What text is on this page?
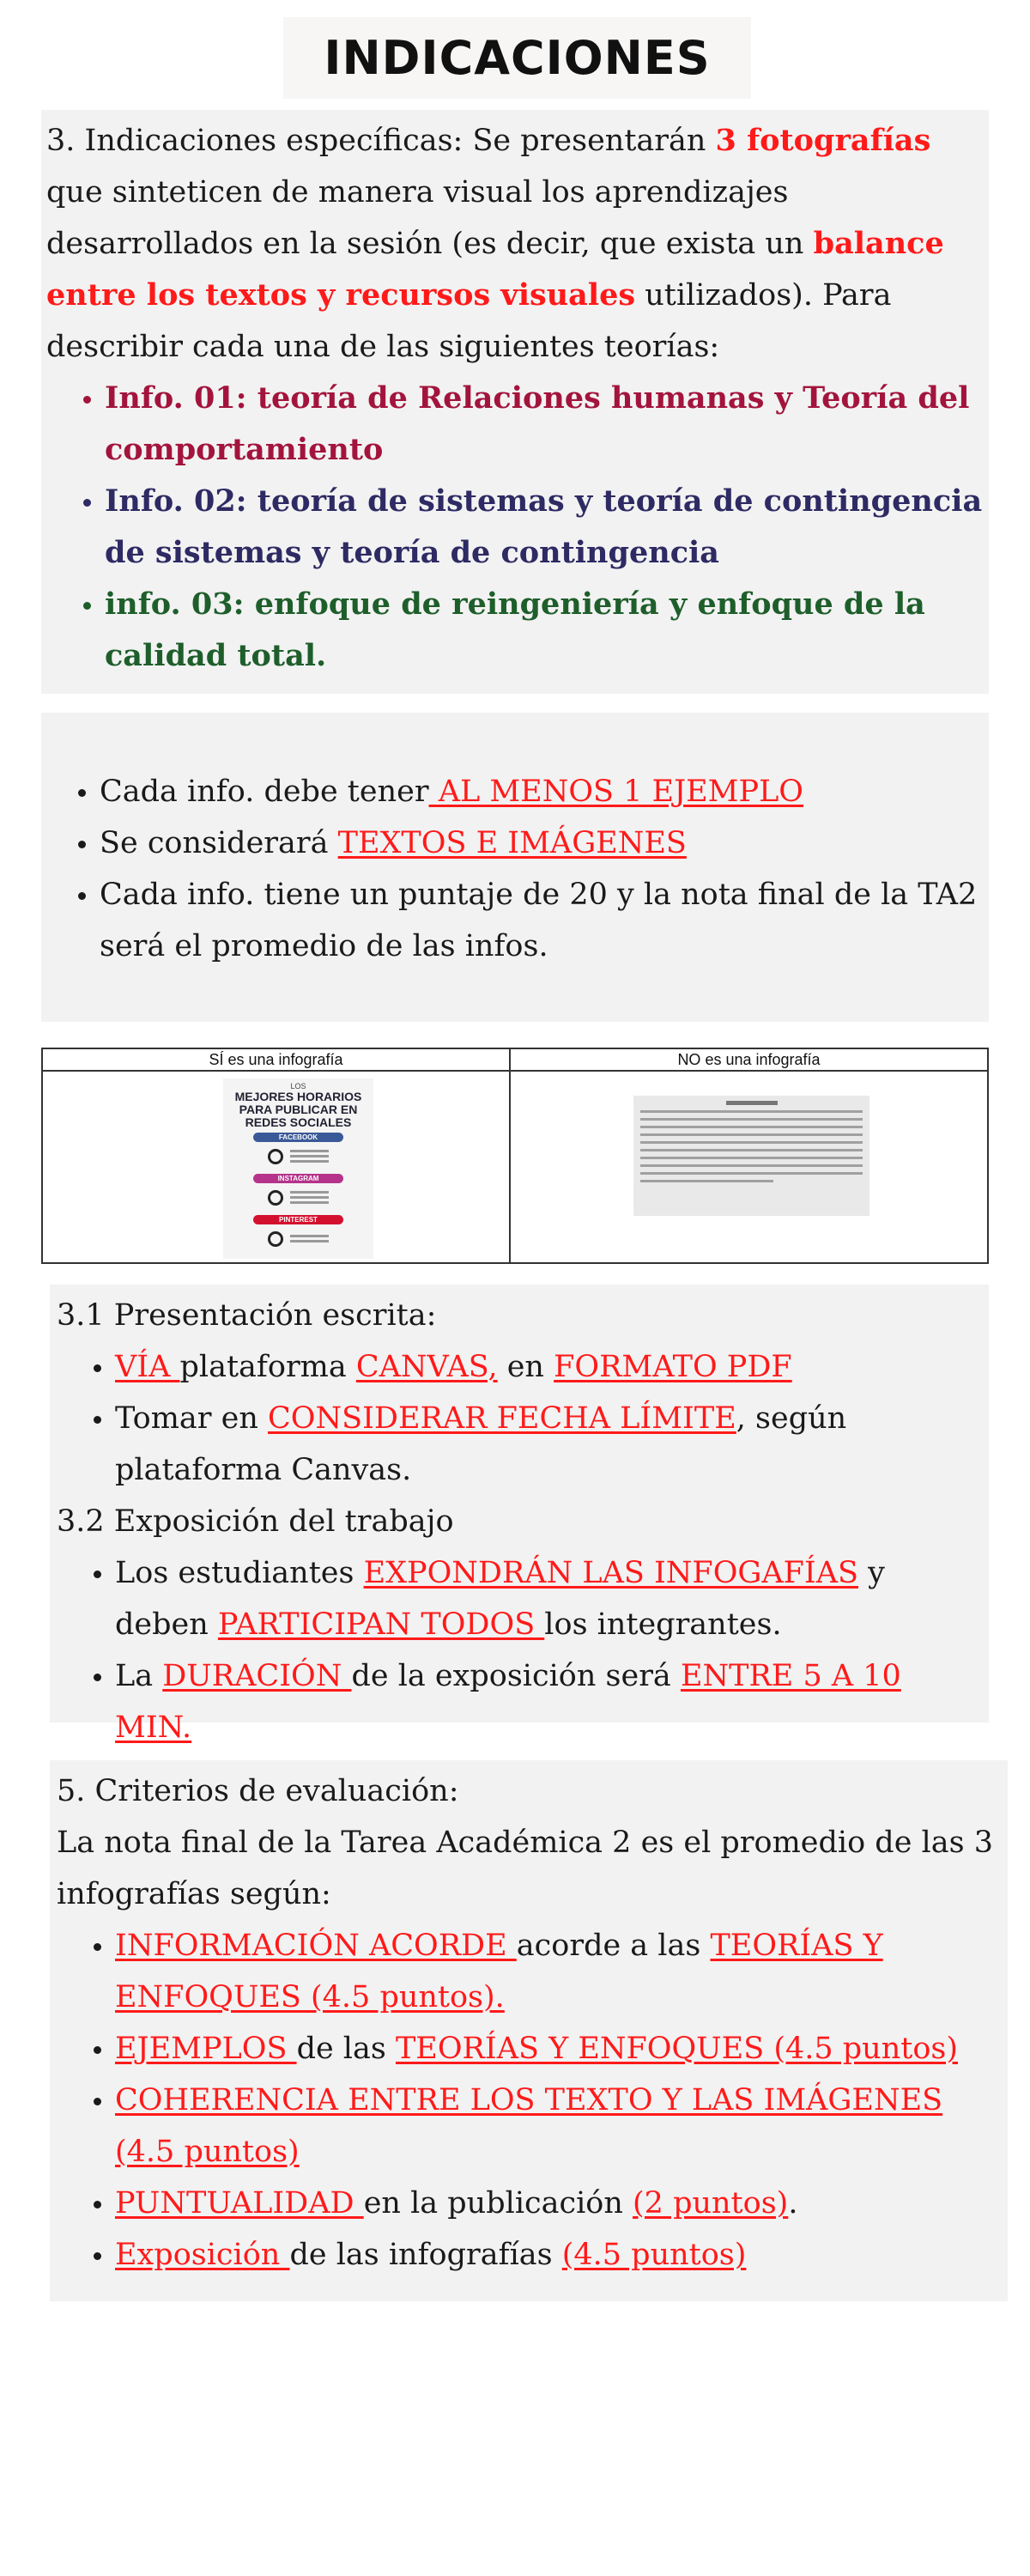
INDICACIONES

3. Indicaciones específicas: Se presentarán 3 fotografías que sinteticen de manera visual los aprendizajes desarrollados en la sesión (es decir, que exista un balance entre los textos y recursos visuales utilizados). Para describir cada una de las siguientes teorías:

• Info. 01: teoría de Relaciones humanas y Teoría del comportamiento
• Info. 02: teoría de sistemas y teoría de contingencia de sistemas y teoría de contingencia
• info. 03: enfoque de reingeniería y enfoque de la calidad total.
• Cada info. debe tener AL MENOS 1 EJEMPLO
• Se considerará TEXTOS E IMÁGENES
• Cada info. tiene un puntaje de 20 y la nota final de la TA2 será el promedio de las infos.
SÍ es una infografía	NO es una infografía
LOS
MEJORES HORARIOS PARA PUBLICAR EN REDES SOCIALES
FACEBOOK
INSTAGRAM
PINTEREST

3.1 Presentación escrita:

• VÍA plataforma CANVAS, en FORMATO PDF
• Tomar en CONSIDERAR FECHA LÍMITE, según plataforma Canvas.

3.2 Exposición del trabajo

• Los estudiantes EXPONDRÁN LAS INFOGAFÍAS y deben PARTICIPAN TODOS los integrantes.
• La DURACIÓN de la exposición será ENTRE 5 A 10 MIN.

5. Criterios de evaluación:

La nota final de la Tarea Académica 2 es el promedio de las 3 infografías según:

• INFORMACIÓN ACORDE acorde a las TEORÍAS Y ENFOQUES (4.5 puntos).
• EJEMPLOS de las TEORÍAS Y ENFOQUES (4.5 puntos)
• COHERENCIA ENTRE LOS TEXTO Y LAS IMÁGENES (4.5 puntos)
• PUNTUALIDAD en la publicación (2 puntos).
• Exposición de las infografías (4.5 puntos)
